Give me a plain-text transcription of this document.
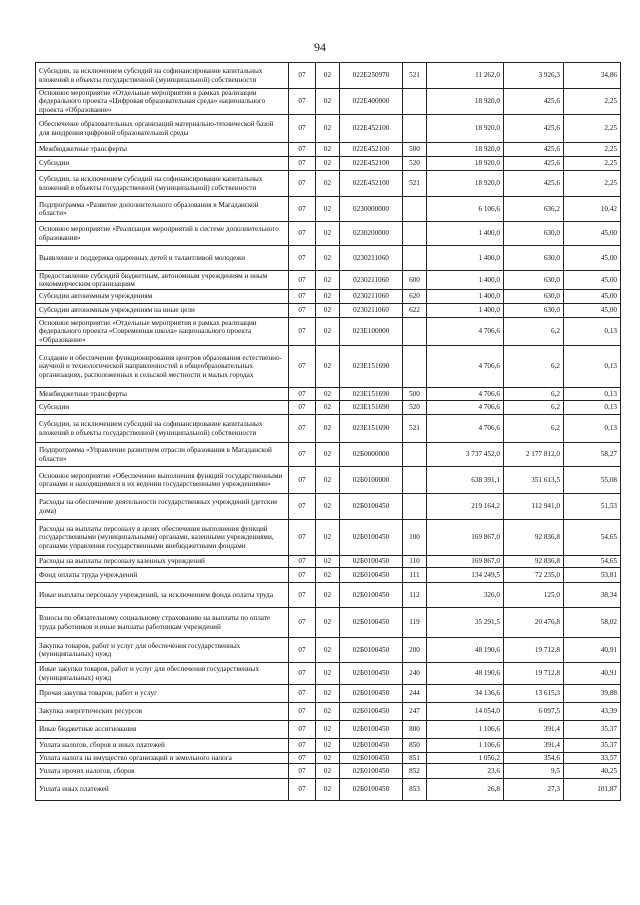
94
Субсидии, за исключением субсидий на софинансирование капитальных вложений в объекты государственной (муниципальной) собственности	07	02	022E250970	521	11 262,0	3 926,3	34,86
Основное мероприятие «Отдельные мероприятия в рамках реализации федерального проекта «Цифровая образовательная среда» национального проекта «Образование»	07	02	022E400000		18 920,0	425,6	2,25
Обеспечение образовательных организаций материально-технической базой для внедрения цифровой образовательной среды	07	02	022E452100		18 920,0	425,6	2,25
Межбюджетные трансферты	07	02	022E452100	500	18 920,0	425,6	2,25
Субсидии	07	02	022E452100	520	18 920,0	425,6	2,25
Субсидии, за исключением субсидий на софинансирование капитальных вложений в объекты государственной (муниципальной) собственности	07	02	022E452100	521	18 920,0	425,6	2,25
Подпрограмма «Развитие дополнительного образования в Магаданской области»	07	02	0230000000		6 106,6	636,2	10,42
Основное мероприятие «Реализация мероприятий в системе дополнительного образования»	07	02	0230200000		1 400,0	630,0	45,00
Выявление и поддержка одаренных детей и талантливой молодежи	07	02	0230211060		1 400,0	630,0	45,00
Предоставление субсидий бюджетным, автономным учреждениям и иным некоммерческим организациям	07	02	0230211060	600	1 400,0	630,0	45,00
Субсидии автономным учреждениям	07	02	0230211060	620	1 400,0	630,0	45,00
Субсидии автономным учреждениям на иные цели	07	02	0230211060	622	1 400,0	630,0	45,00
Основное мероприятие «Отдельные мероприятия в рамках реализации федерального проекта «Современная школа» национального проекта «Образование»	07	02	023E100000		4 706,6	6,2	0,13
Создание и обеспечение функционирования центров образования естественно-научной и технологической направленностей в общеобразовательных организациях, расположенных в сельской местности и малых городах	07	02	023E151690		4 706,6	6,2	0,13
Межбюджетные трансферты	07	02	023E151690	500	4 706,6	6,2	0,13
Субсидии	07	02	023E151690	520	4 706,6	6,2	0,13
Субсидии, за исключением субсидий на софинансирование капитальных вложений в объекты государственной (муниципальной) собственности	07	02	023E151690	521	4 706,6	6,2	0,13
Подпрограмма «Управление развитием отрасли образования в Магаданской области»	07	02	02Б0000000		3 737 452,0	2 177 812,0	58,27
Основное мероприятие «Обеспечение выполнения функций государственными органами и находящимися в их ведении государственными учреждениями»	07	02	02Б0100000		638 391,1	351 613,5	55,08
Расходы на обеспечение деятельности государственных учреждений (детские дома)	07	02	02Б0100450		219 164,2	112 941,0	51,53
Расходы на выплаты персоналу в целях обеспечения выполнения функций государственными (муниципальными) органами, казенными учреждениями, органами управления государственными внебюджетными фондами	07	02	02Б0100450	100	169 867,0	92 836,8	54,65
Расходы на выплаты персоналу казенных учреждений	07	02	02Б0100450	110	169 867,0	92 836,8	54,65
Фонд оплаты труда учреждений	07	02	02Б0100450	111	134 249,5	72 235,0	53,81
Иные выплаты персоналу учреждений, за исключением фонда оплаты труда	07	02	02Б0100450	112	326,0	125,0	38,34
Взносы по обязательному социальному страхованию на выплаты по оплате труда работников и иные выплаты работникам учреждений	07	02	02Б0100450	119	35 291,5	20 476,8	58,02
Закупка товаров, работ и услуг для обеспечения государственных (муниципальных) нужд	07	02	02Б0100450	200	48 190,6	19 712,8	40,91
Иные закупки товаров, работ и услуг для обеспечения государственных (муниципальных) нужд	07	02	02Б0100450	240	48 190,6	19 712,8	40,91
Прочая закупка товаров, работ и услуг	07	02	02Б0100450	244	34 136,6	13 615,3	39,88
Закупка энергетических ресурсов	07	02	02Б0100450	247	14 054,0	6 097,5	43,39
Иные бюджетные ассигнования	07	02	02Б0100450	800	1 106,6	391,4	35,37
Уплата налогов, сборов и иных платежей	07	02	02Б0100450	850	1 106,6	391,4	35,37
Уплата налога на имущество организаций и земельного налога	07	02	02Б0100450	851	1 056,2	354,6	33,57
Уплата прочих налогов, сборов	07	02	02Б0100450	852	23,6	9,5	40,25
Уплата иных платежей	07	02	02Б0100450	853	26,8	27,3	101,87
